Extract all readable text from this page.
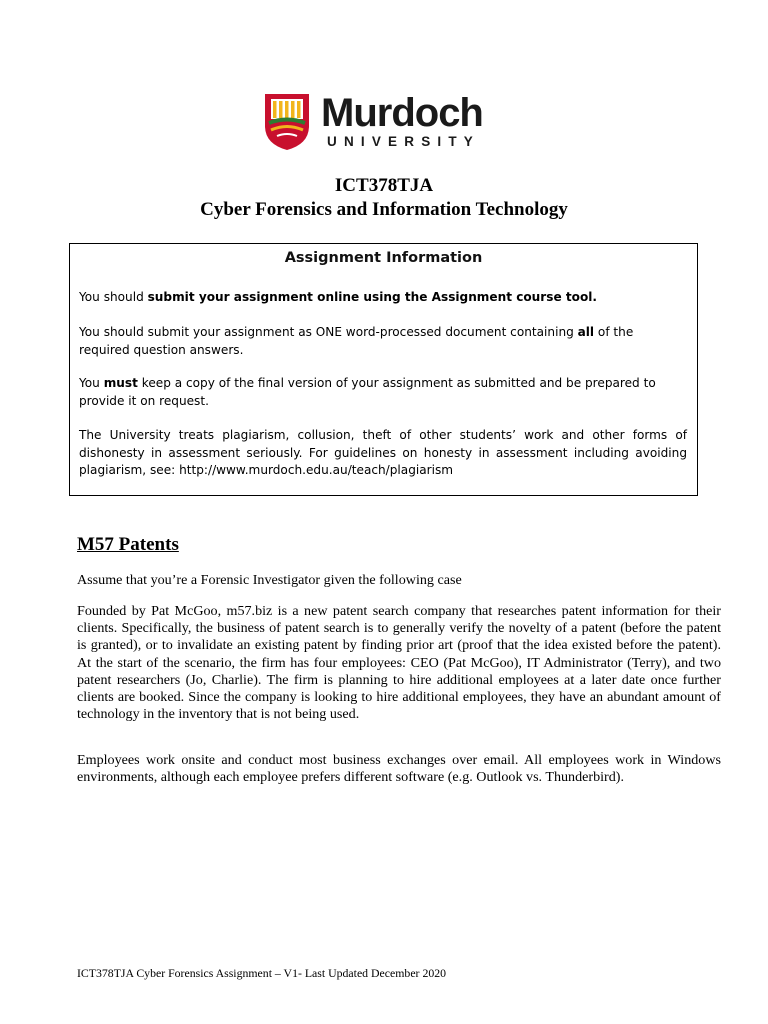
Murdoch
UNIVERSITY
ICT378TJA
Cyber Forensics and Information Technology
Assignment Information

You should submit your assignment online using the Assignment course tool.

You should submit your assignment as ONE word-processed document containing all of the required question answers.

You must keep a copy of the final version of your assignment as submitted and be prepared to provide it on request.

The University treats plagiarism, collusion, theft of other students’ work and other forms of dishonesty in assessment seriously. For guidelines on honesty in assessment including avoiding plagiarism, see: http://www.murdoch.edu.au/teach/plagiarism

M57 Patents

Assume that you’re a Forensic Investigator given the following case

Founded by Pat McGoo, m57.biz is a new patent search company that researches patent information for their clients. Specifically, the business of patent search is to generally verify the novelty of a patent (before the patent is granted), or to invalidate an existing patent by finding prior art (proof that the idea existed before the patent). At the start of the scenario, the firm has four employees: CEO (Pat McGoo), IT Administrator (Terry), and two patent researchers (Jo, Charlie). The firm is planning to hire additional employees at a later date once further clients are booked. Since the company is looking to hire additional employees, they have an abundant amount of technology in the inventory that is not being used.

Employees work onsite and conduct most business exchanges over email. All employees work in Windows environments, although each employee prefers different software (e.g. Outlook vs. Thunderbird).

ICT378TJA Cyber Forensics Assignment – V1- Last Updated December 2020
